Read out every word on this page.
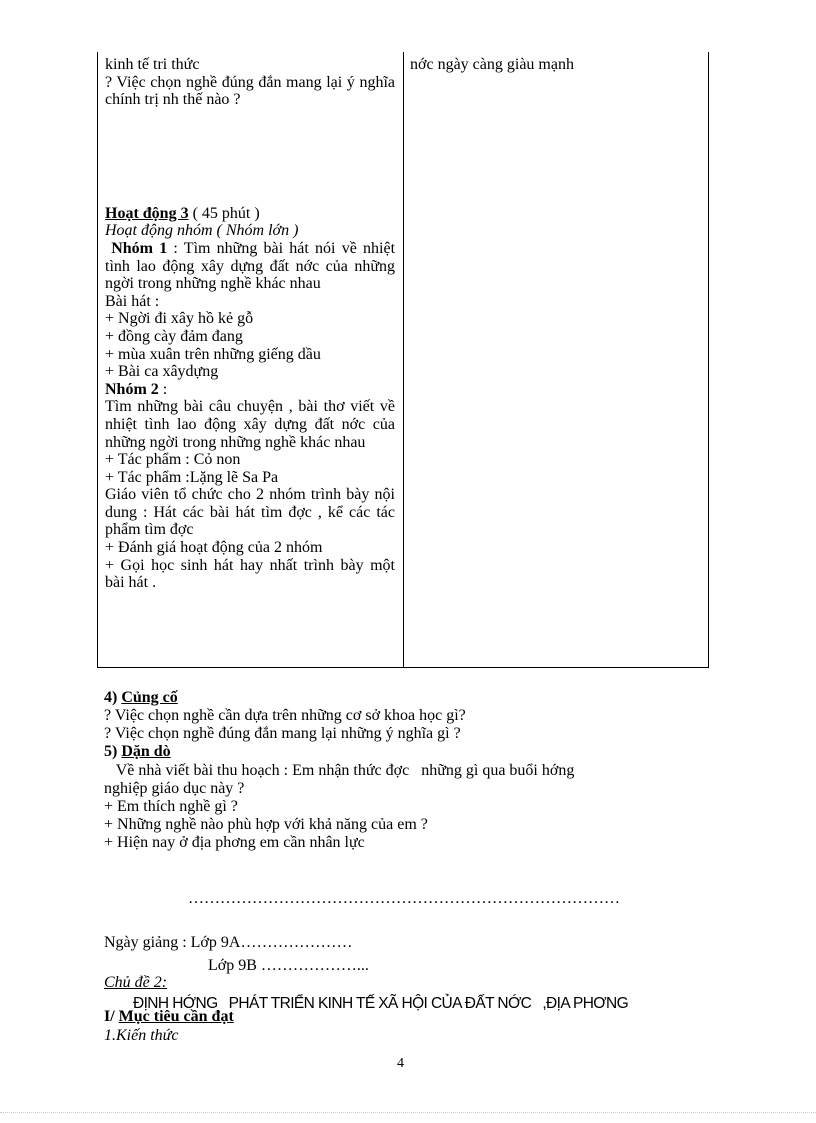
kinh tế tri thức

? Việc chọn nghề đúng đắn mang lại ý nghĩa chính trị nh thế nào ?

Hoạt động 3 ( 45 phút )

Hoạt động nhóm ( Nhóm lớn )

Nhóm 1 : Tìm những bài hát nói về nhiệt tình lao động xây dựng đất nớc của những ngời trong những nghề khác nhau

Bài hát :

+ Ngời đi xây hồ kẻ gỗ

+ đồng cày đảm đang

+ mùa xuân trên những giếng dầu

+ Bài ca xâydựng

Nhóm 2 :

Tìm những bài câu chuyện , bài thơ viết về nhiệt tình lao động xây dựng đất nớc của những ngời trong những nghề khác nhau

+ Tác phẩm : Cỏ non

+ Tác phẩm :Lặng lẽ Sa Pa

Giáo viên tổ chức cho 2 nhóm trình bày nội dung : Hát các bài hát tìm đợc , kể các tác phẩm tìm đợc

+ Đánh giá hoạt động của 2 nhóm

+ Gọi học sinh hát hay nhất trình bày một bài hát .

nớc ngày càng giàu mạnh

4) Củng cố
? Việc chọn nghề cần dựa trên những cơ sở khoa học gì?
? Việc chọn nghề đúng đắn mang lại những ý nghĩa gì ?
5) Dặn dò
Về nhà viết bài thu hoạch : Em nhận thức đợc   những gì qua buổi hớng
nghiệp giáo dục này ?
+ Em thích nghề gì ?
+ Những nghề nào phù hợp với khả năng của em ?
+ Hiện nay ở địa phơng em cần nhân lực
………………………………………………………………………
Ngày giảng : Lớp 9A…………………
Lớp 9B ………………...
Chủ đề 2:
ĐỊNH HỚNG   PHÁT TRIỂN KINH TẾ XÃ HỘI CỦA ĐẤT NỚC   ,ĐỊA PHƠNG
I/ Mục tiêu cần đạt
1.Kiến thức
4
